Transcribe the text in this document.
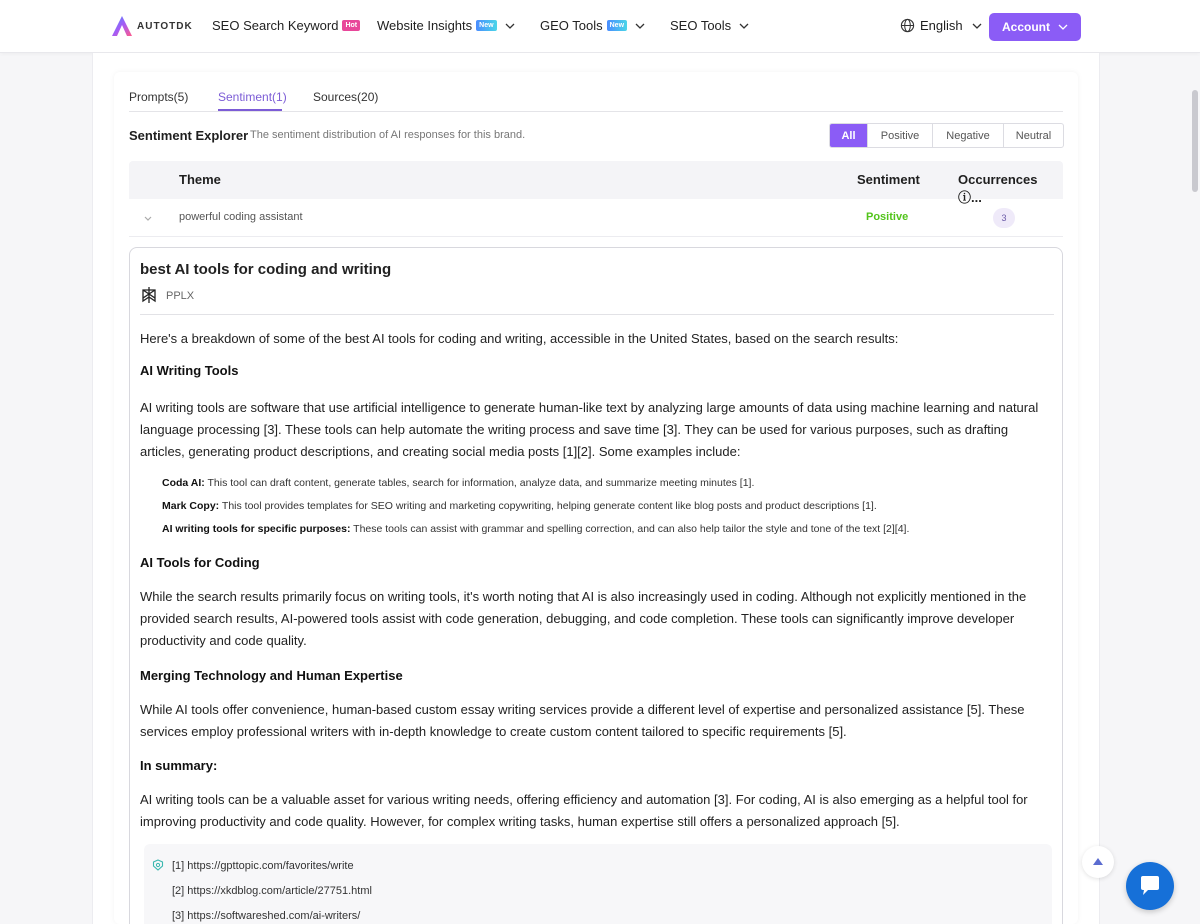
AUTOTDK SEO Search Keyword	Hot Website Insights	New	GEO Tools	New	SEO Tools	English	Account
Prompts(5) Sentiment(1) Sources(20)
Sentiment Explorer The sentiment distribution of AI responses for this brand.	All	Positive	Negative	Neutral
Theme	Sentiment	Occurrences ⓘ...
powerful coding assistant	Positive	3
best AI tools for coding and writing
PPLX
Here's a breakdown of some of the best AI tools for coding and writing, accessible in the United States, based on the search results:
AI Writing Tools
AI writing tools are software that use artificial intelligence to generate human-like text by analyzing large amounts of data using machine learning and natural language processing [3]. These tools can help automate the writing process and save time [3]. They can be used for various purposes, such as drafting articles, generating product descriptions, and creating social media posts [1][2]. Some examples include:
Coda AI: This tool can draft content, generate tables, search for information, analyze data, and summarize meeting minutes [1].
Mark Copy: This tool provides templates for SEO writing and marketing copywriting, helping generate content like blog posts and product descriptions [1].
AI writing tools for specific purposes: These tools can assist with grammar and spelling correction, and can also help tailor the style and tone of the text [2][4].
AI Tools for Coding
While the search results primarily focus on writing tools, it's worth noting that AI is also increasingly used in coding. Although not explicitly mentioned in the provided search results, AI-powered tools assist with code generation, debugging, and code completion. These tools can significantly improve developer productivity and code quality.
Merging Technology and Human Expertise
While AI tools offer convenience, human-based custom essay writing services provide a different level of expertise and personalized assistance [5]. These services employ professional writers with in-depth knowledge to create custom content tailored to specific requirements [5].
In summary:
AI writing tools can be a valuable asset for various writing needs, offering efficiency and automation [3]. For coding, AI is also emerging as a helpful tool for improving productivity and code quality. However, for complex writing tasks, human expertise still offers a personalized approach [5].
[1] https://gpttopic.com/favorites/write
[2] https://xkdblog.com/article/27751.html
[3] https://softwareshed.com/ai-writers/
